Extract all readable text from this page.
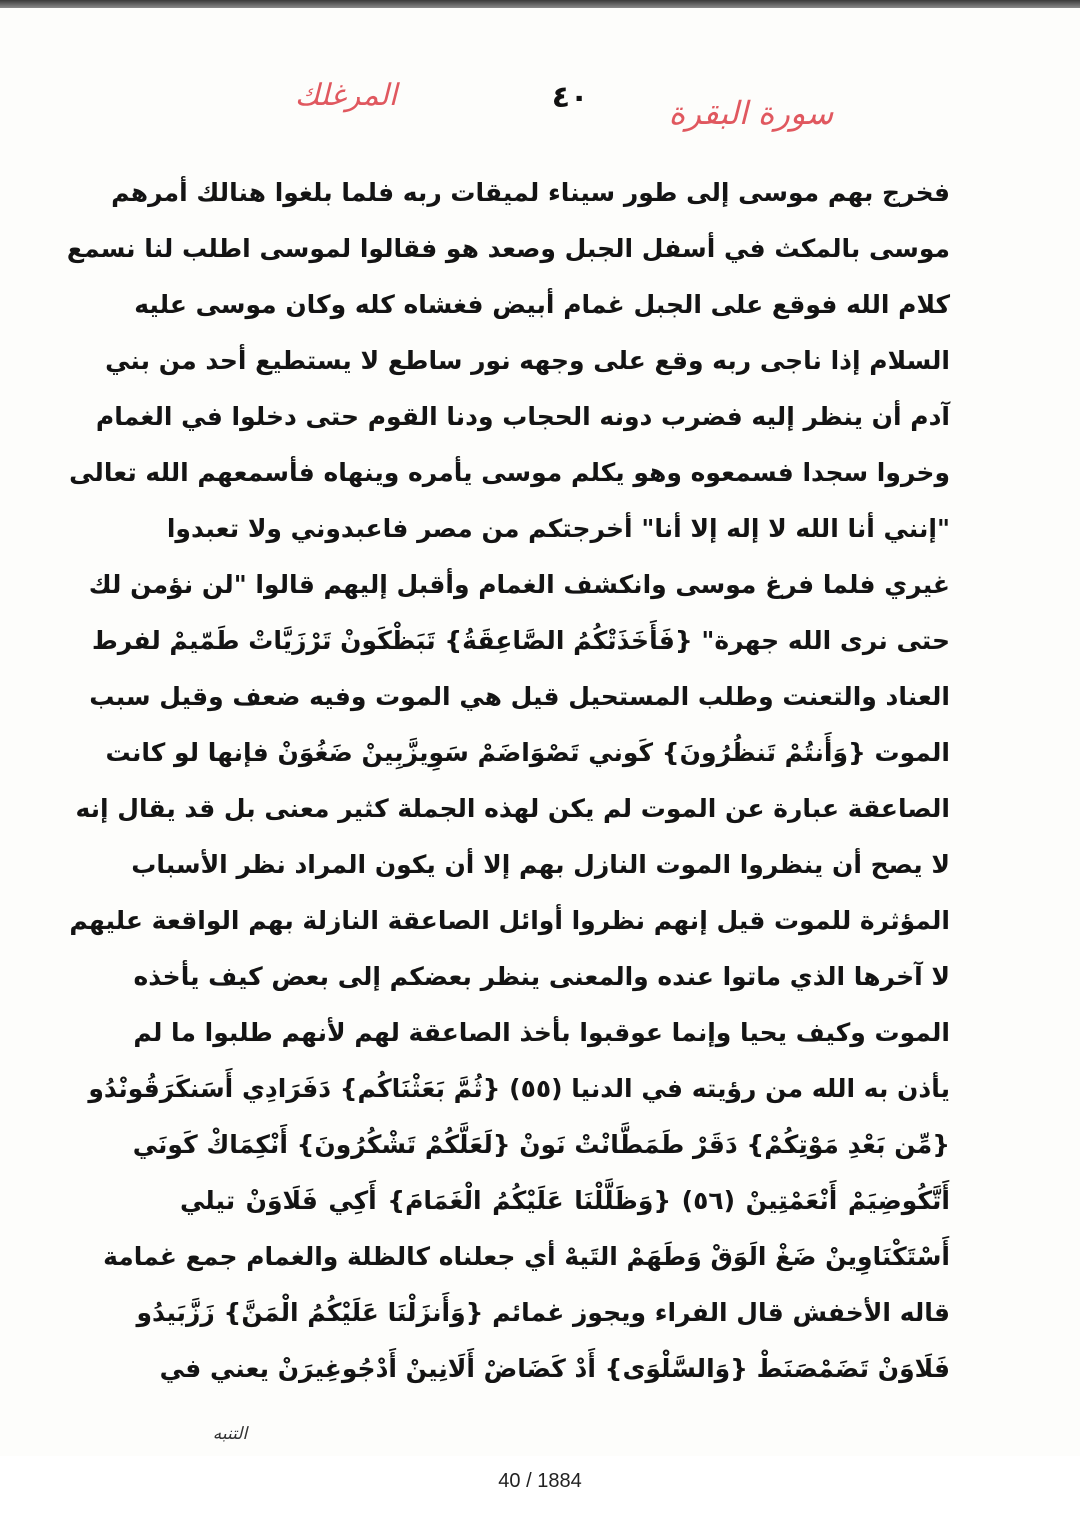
المرغلك	٤٠	سورة البقرة
فخرج بهم موسى إلى طور سيناء لميقات ربه فلما بلغوا هنالك أمرهم
موسى بالمكث في أسفل الجبل وصعد هو فقالوا لموسى اطلب لنا نسمع
كلام الله فوقع على الجبل غمام أبيض فغشاه كله وكان موسى عليه
السلام إذا ناجى ربه وقع على وجهه نور ساطع لا يستطيع أحد من بني
آدم أن ينظر إليه فضرب دونه الحجاب ودنا القوم حتى دخلوا في الغمام
وخروا سجدا فسمعوه وهو يكلم موسى يأمره وينهاه فأسمعهم الله تعالى
"إنني أنا الله لا إله إلا أنا" أخرجتكم من مصر فاعبدوني ولا تعبدوا
غيري فلما فرغ موسى وانكشف الغمام وأقبل إليهم قالوا "لن نؤمن لك
حتى نرى الله جهرة" {فَأَخَذَتْكُمُ الصَّاعِقَةُ} تَبَظْكَونْ تَرْزَيَّاتْ طَمّيمْ لفرط
العناد والتعنت وطلب المستحيل قيل هي الموت وفيه ضعف وقيل سبب
الموت {وَأَنتُمْ تَنظُرُونَ} كَوني تَصْوَاضَمْ سَوِيزَّبِينْ ضَغُوَنْ فإنها لو كانت
الصاعقة عبارة عن الموت لم يكن لهذه الجملة كثير معنى بل قد يقال إنه
لا يصح أن ينظروا الموت النازل بهم إلا أن يكون المراد نظر الأسباب
المؤثرة للموت قيل إنهم نظروا أوائل الصاعقة النازلة بهم الواقعة عليهم
لا آخرها الذي ماتوا عنده والمعنى ينظر بعضكم إلى بعض كيف يأخذه
الموت وكيف يحيا وإنما عوقبوا بأخذ الصاعقة لهم لأنهم طلبوا ما لم
يأذن به الله من رؤيته في الدنيا (٥٥) {ثُمَّ بَعَثْنَاكُم} دَفَرَادِي أَسَنكَرَقُونْدُو
{مِّن بَعْدِ مَوْتِكُمْ} دَقَرْ طَمَطَّانْتْ نَونْ {لَعَلَّكُمْ تَشْكُرُونَ} أَنْكِمَاكْ كَونَي
أَتَّكُوضِيَمْ أَنْعَمْتِينْ (٥٦) {وَظَلَّلْنَا عَلَيْكُمُ الْغَمَامَ} أَكِي فَلَاوَنْ تيلي
أَسْتَكْنَاوِينْ ضَغْ الَوَقْ وَطَهَمْ التَيهْ أي جعلناه كالظلة والغمام جمع غمامة
قاله الأخفش قال الفراء ويجوز غمائم {وَأَنزَلْنَا عَلَيْكُمُ الْمَنَّ} زَزَّبَيدُو
فَلَاوَنْ تَضَمْصَنَطْ {وَالسَّلْوَى} أَدْ كَضَاضْ أَلَانِينْ أَدْجُوغِيرَنْ يعني في
التنبه
40 / 1884
